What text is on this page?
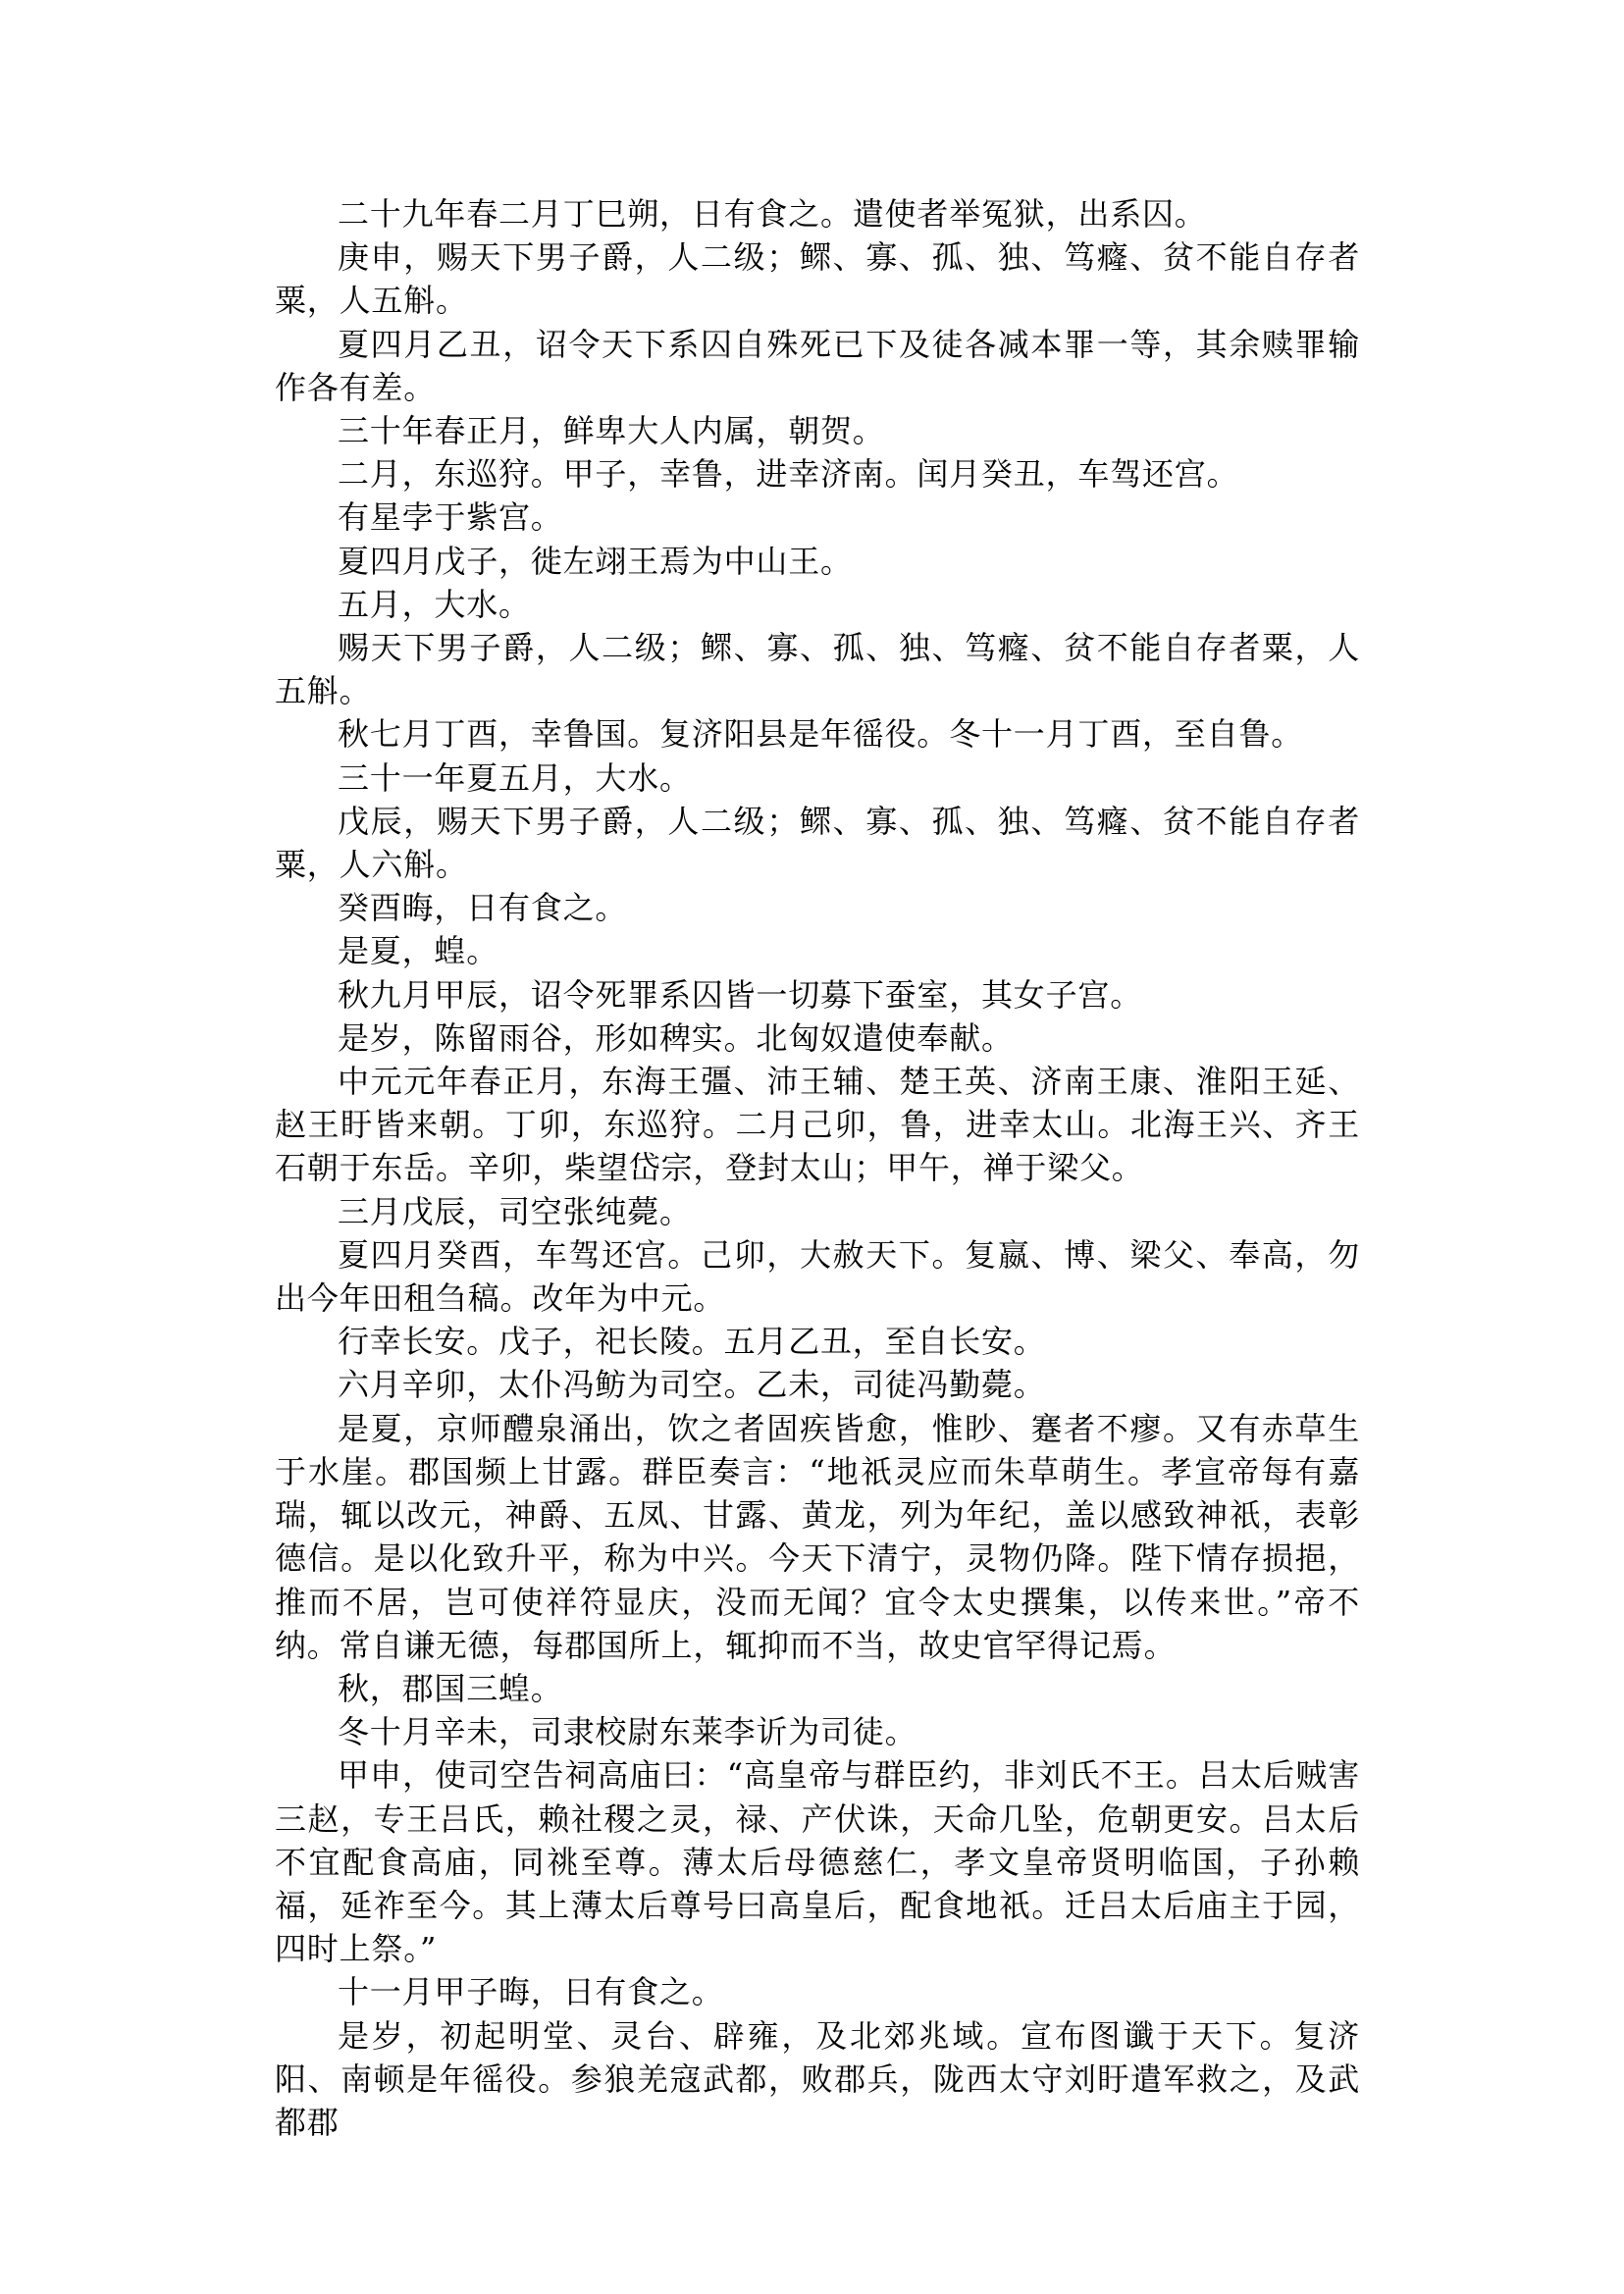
二十九年春二月丁巳朔，日有食之。遣使者举冤狱，出系囚。

庚申，赐天下男子爵，人二级；鳏、寡、孤、独、笃癃、贫不能自存者粟，人五斛。

夏四月乙丑，诏令天下系囚自殊死已下及徒各减本罪一等，其余赎罪输作各有差。

三十年春正月，鲜卑大人内属，朝贺。

二月，东巡狩。甲子，幸鲁，进幸济南。闰月癸丑，车驾还宫。

有星孛于紫宫。

夏四月戊子，徙左翊王焉为中山王。

五月，大水。

赐天下男子爵，人二级；鳏、寡、孤、独、笃癃、贫不能自存者粟，人五斛。

秋七月丁酉，幸鲁国。复济阳县是年徭役。冬十一月丁酉，至自鲁。

三十一年夏五月，大水。

戊辰，赐天下男子爵，人二级；鳏、寡、孤、独、笃癃、贫不能自存者粟，人六斛。

癸酉晦，日有食之。

是夏，蝗。

秋九月甲辰，诏令死罪系囚皆一切募下蚕室，其女子宫。

是岁，陈留雨谷，形如稗实。北匈奴遣使奉献。

中元元年春正月，东海王彊、沛王辅、楚王英、济南王康、淮阳王延、赵王盱皆来朝。丁卯，东巡狩。二月己卯，鲁，进幸太山。北海王兴、齐王石朝于东岳。辛卯，柴望岱宗，登封太山；甲午，禅于梁父。

三月戊辰，司空张纯薨。

夏四月癸酉，车驾还宫。己卯，大赦天下。复嬴、博、梁父、奉高，勿出今年田租刍稿。改年为中元。

行幸长安。戊子，祀长陵。五月乙丑，至自长安。

六月辛卯，太仆冯鲂为司空。乙未，司徒冯勤薨。

是夏，京师醴泉涌出，饮之者固疾皆愈，惟眇、蹇者不瘳。又有赤草生于水崖。郡国频上甘露。群臣奏言：“地祇灵应而朱草萌生。孝宣帝每有嘉瑞，辄以改元，神爵、五凤、甘露、黄龙，列为年纪，盖以感致神祇，表彰德信。是以化致升平，称为中兴。今天下清宁，灵物仍降。陛下情存损挹，推而不居，岂可使祥符显庆，没而无闻？宜令太史撰集，以传来世。”帝不纳。常自谦无德，每郡国所上，辄抑而不当，故史官罕得记焉。

秋，郡国三蝗。

冬十月辛未，司隶校尉东莱李䜣为司徒。

甲申，使司空告祠高庙曰：“高皇帝与群臣约，非刘氏不王。吕太后贼害三赵，专王吕氏，赖社稷之灵，禄、产伏诛，天命几坠，危朝更安。吕太后不宜配食高庙，同祧至尊。薄太后母德慈仁，孝文皇帝贤明临国，子孙赖福，延祚至今。其上薄太后尊号曰高皇后，配食地祇。迁吕太后庙主于园，四时上祭。”

十一月甲子晦，日有食之。

是岁，初起明堂、灵台、辟雍，及北郊兆域。宣布图谶于天下。复济阳、南顿是年徭役。参狼羌寇武都，败郡兵，陇西太守刘盱遣军救之，及武都郡
